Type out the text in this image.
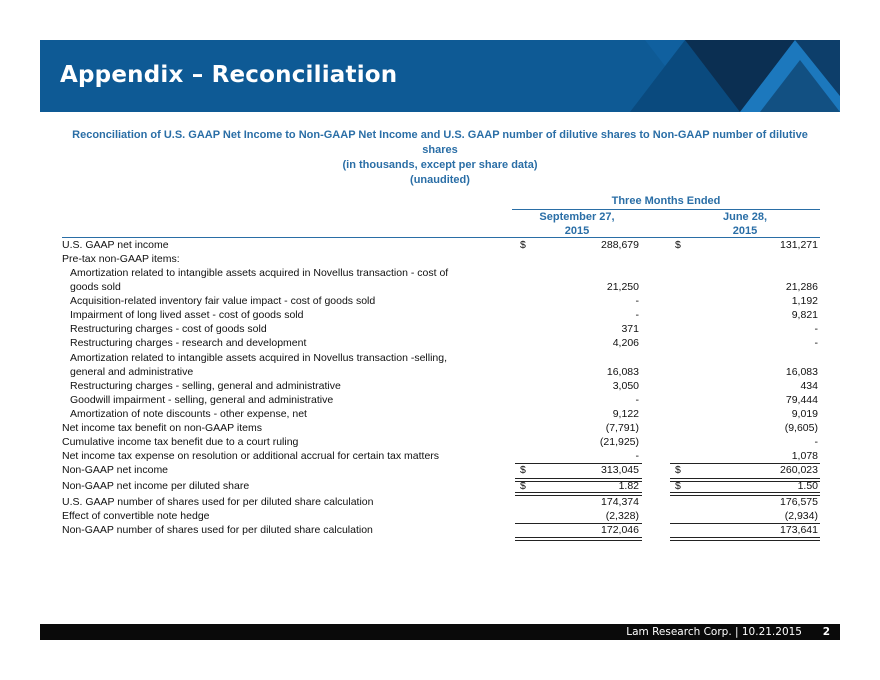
Appendix – Reconciliation
Reconciliation of U.S. GAAP Net Income to Non-GAAP Net Income and U.S. GAAP number of dilutive shares to Non-GAAP number of dilutive
shares
(in thousands, except per share data)
(unaudited)
Three Months Ended
September 27,
2015
June 28,
2015
U.S. GAAP net income	$	288,679	$	131,271
Pre-tax non-GAAP items:
Amortization related to intangible assets acquired in Novellus transaction - cost of
goods sold	21,250	21,286
Acquisition-related inventory fair value impact - cost of goods sold	-	1,192
Impairment of long lived asset - cost of goods sold	-	9,821
Restructuring charges - cost of goods sold	371	-
Restructuring charges - research and development	4,206	-
Amortization related to intangible assets acquired in Novellus transaction -selling,
general and administrative	16,083	16,083
Restructuring charges - selling, general and administrative	3,050	434
Goodwill impairment - selling, general and administrative	-	79,444
Amortization of note discounts - other expense, net	9,122	9,019
Net income tax benefit on non-GAAP items	(7,791)	(9,605)
Cumulative income tax benefit due to a court ruling	(21,925)	-
Net income tax expense on resolution or additional accrual for certain tax matters	-	1,078
Non-GAAP net income	$	313,045	$	260,023
Non-GAAP net income per diluted share	$	1.82	$	1.50
U.S. GAAP number of shares used for per diluted share calculation	174,374	176,575
Effect of convertible note hedge	(2,328)	(2,934)
Non-GAAP number of shares used for per diluted share calculation	172,046	173,641
Lam Research Corp. | 10.21.2015 2
